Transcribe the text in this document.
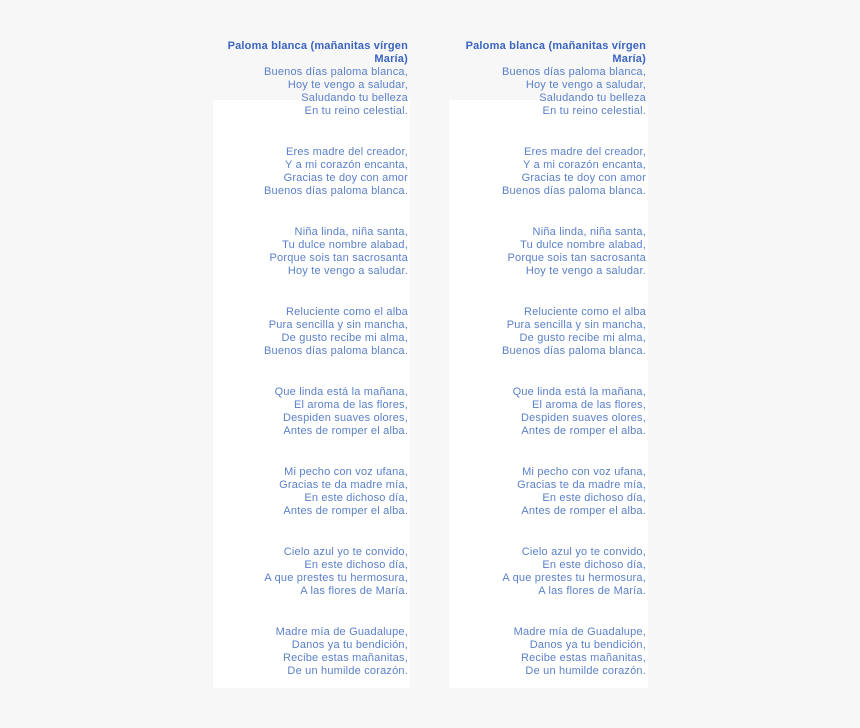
Paloma blanca (mañanitas vírgen
María)
Buenos días paloma blanca,
Hoy te vengo a saludar,
Saludando tu belleza
En tu reino celestial.
Eres madre del creador,
Y a mi corazón encanta,
Gracias te doy con amor
Buenos días paloma blanca.
Niña linda, niña santa,
Tu dulce nombre alabad,
Porque sois tan sacrosanta
Hoy te vengo a saludar.
Reluciente como el alba
Pura sencilla y sin mancha,
De gusto recibe mi alma,
Buenos días paloma blanca.
Que linda está la mañana,
El aroma de las flores,
Despiden suaves olores,
Antes de romper el alba.
Mi pecho con voz ufana,
Gracias te da madre mía,
En este dichoso día,
Antes de romper el alba.
Cielo azul yo te convido,
En este dichoso día,
A que prestes tu hermosura,
A las flores de María.
Madre mía de Guadalupe,
Danos ya tu bendición,
Recibe estas mañanitas,
De un humilde corazón.
Paloma blanca (mañanitas vírgen
María)
Buenos días paloma blanca,
Hoy te vengo a saludar,
Saludando tu belleza
En tu reino celestial.
Eres madre del creador,
Y a mi corazón encanta,
Gracias te doy con amor
Buenos días paloma blanca.
Niña linda, niña santa,
Tu dulce nombre alabad,
Porque sois tan sacrosanta
Hoy te vengo a saludar.
Reluciente como el alba
Pura sencilla y sin mancha,
De gusto recibe mi alma,
Buenos días paloma blanca.
Que linda está la mañana,
El aroma de las flores,
Despiden suaves olores,
Antes de romper el alba.
Mi pecho con voz ufana,
Gracias te da madre mía,
En este dichoso día,
Antes de romper el alba.
Cielo azul yo te convido,
En este dichoso día,
A que prestes tu hermosura,
A las flores de María.
Madre mía de Guadalupe,
Danos ya tu bendición,
Recibe estas mañanitas,
De un humilde corazón.
